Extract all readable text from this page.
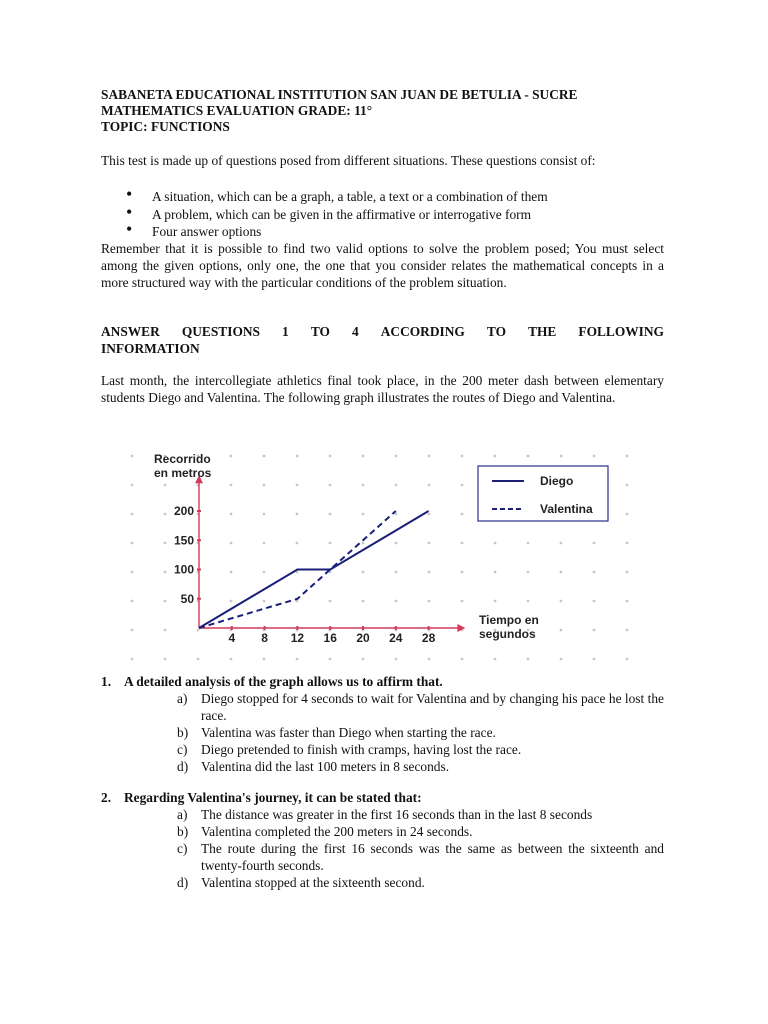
SABANETA EDUCATIONAL INSTITUTION SAN JUAN DE BETULIA - SUCRE
MATHEMATICS EVALUATION GRADE: 11°
TOPIC: FUNCTIONS
This test is made up of questions posed from different situations. These questions consist of:
• A situation, which can be a graph, a table, a text or a combination of them
• A problem, which can be given in the affirmative or interrogative form
• Four answer options
Remember that it is possible to find two valid options to solve the problem posed; You must select among the given options, only one, the one that you consider relates the mathematical concepts in a more structured way with the particular conditions of the problem situation.
ANSWER QUESTIONS 1 TO 4 ACCORDING TO THE FOLLOWING
INFORMATION
Last month, the intercollegiate athletics final took place, in the 200 meter dash between elementary students Diego and Valentina. The following graph illustrates the routes of Diego and Valentina.
4 8 12 16 20 24 28
50
100
150
200
Recorrido
en metros
Tiempo en
segundos
Diego
Valentina
1. A detailed analysis of the graph allows us to affirm that.
a) Diego stopped for 4 seconds to wait for Valentina and by changing his pace he lost the race.
b) Valentina was faster than Diego when starting the race.
c) Diego pretended to finish with cramps, having lost the race.
d) Valentina did the last 100 meters in 8 seconds.
2. Regarding Valentina's journey, it can be stated that:
a) The distance was greater in the first 16 seconds than in the last 8 seconds
b) Valentina completed the 200 meters in 24 seconds.
c) The route during the first 16 seconds was the same as between the sixteenth and twenty-fourth seconds.
d) Valentina stopped at the sixteenth second.
